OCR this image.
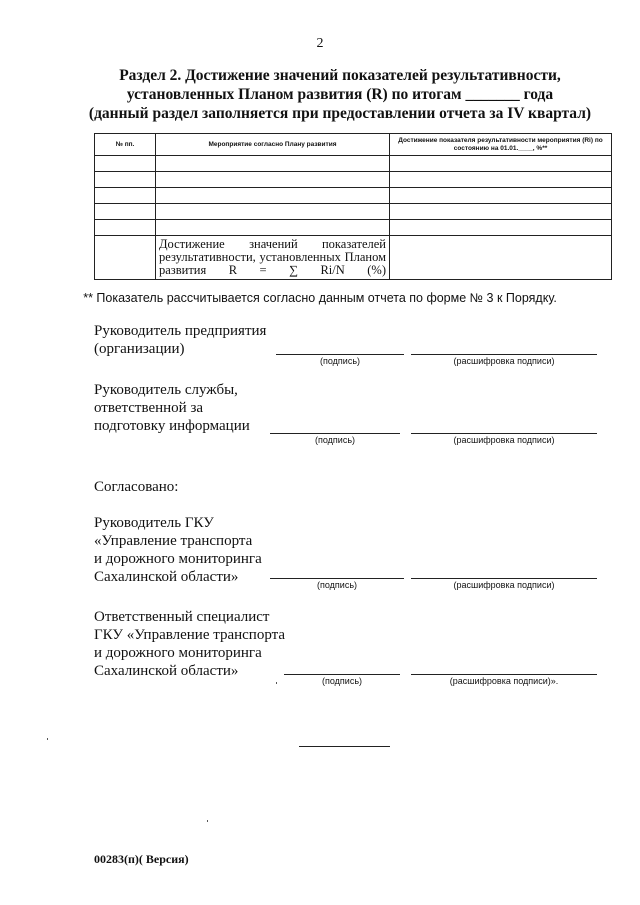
2
Раздел 2. Достижение значений показателей результативности,
установленных Планом развития (R) по итогам _______ года
(данный раздел заполняется при предоставлении отчета за IV квартал)
№ пп.	Мероприятие согласно Плану развития	Достижение показателя результативности мероприятия (Ri) по состоянию на 01.01.____, %**

	Достижение значений показателей результативности, установленных Планом развития R = ∑ Ri/N (%)	
** Показатель рассчитывается согласно данным отчета по форме № 3 к Порядку.
Руководитель предприятия
(организации)
(подпись)	(расшифровка подписи)
Руководитель службы,
ответственной за
подготовку информации
(подпись)	(расшифровка подписи)
Согласовано:
Руководитель ГКУ
«Управление транспорта
и дорожного мониторинга
Сахалинской области»	(подпись)	(расшифровка подписи)
Ответственный специалист
ГКУ «Управление транспорта
и дорожного мониторинга
Сахалинской области»
(подпись)	(расшифровка подписи)».
00283(п)( Версия)
